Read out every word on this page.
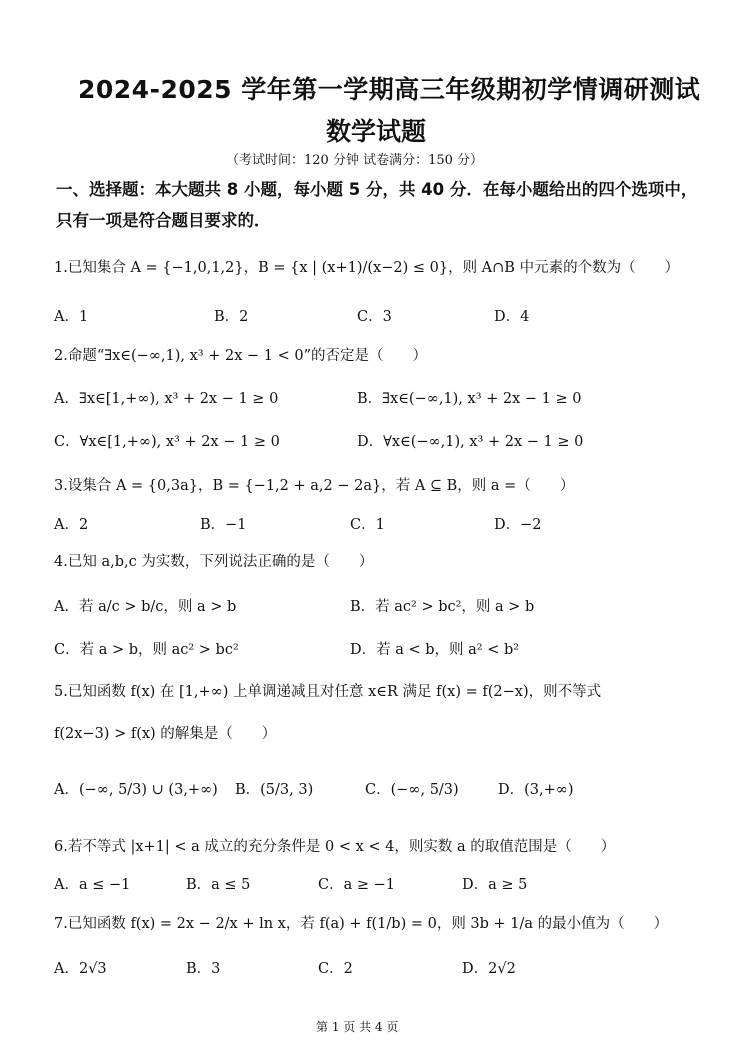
2024-2025 学年第一学期高三年级期初学情调研测试
数学试题
（考试时间：120 分钟 试卷满分：150 分）
一、选择题：本大题共 8 小题，每小题 5 分，共 40 分．在每小题给出的四个选项中，
只有一项是符合题目要求的．
1.已知集合 A = {−1,0,1,2}，B = {x | (x+1)/(x−2) ≤ 0}，则 A∩B 中元素的个数为（　　）
A．1	B．2	C．3	D．4
2.命题“∃x∈(−∞,1), x³ + 2x − 1 < 0”的否定是（　　）
A．∃x∈[1,+∞), x³ + 2x − 1 ≥ 0	B．∃x∈(−∞,1), x³ + 2x − 1 ≥ 0
C．∀x∈[1,+∞), x³ + 2x − 1 ≥ 0	D．∀x∈(−∞,1), x³ + 2x − 1 ≥ 0
3.设集合 A = {0,3a}，B = {−1,2 + a,2 − 2a}，若 A ⊆ B，则 a =（　　）
A．2	B．−1	C．1	D．−2
4.已知 a,b,c 为实数，下列说法正确的是（　　）
A．若 a/c > b/c，则 a > b	B．若 ac² > bc²，则 a > b
C．若 a > b，则 ac² > bc²	D．若 a < b，则 a² < b²
5.已知函数 f(x) 在 [1,+∞) 上单调递减且对任意 x∈R 满足 f(x) = f(2−x)，则不等式
f(2x−3) > f(x) 的解集是（　　）
A．(−∞, 5/3) ∪ (3,+∞) B．(5/3, 3)	C．(−∞, 5/3)	D．(3,+∞)
6.若不等式 |x+1| < a 成立的充分条件是 0 < x < 4，则实数 a 的取值范围是（　　）
A．a ≤ −1	B．a ≤ 5	C．a ≥ −1	D．a ≥ 5
7.已知函数 f(x) = 2x − 2/x + ln x，若 f(a) + f(1/b) = 0，则 3b + 1/a 的最小值为（　　）
A．2√3	B．3	C．2	D．2√2
第 1 页 共 4 页
